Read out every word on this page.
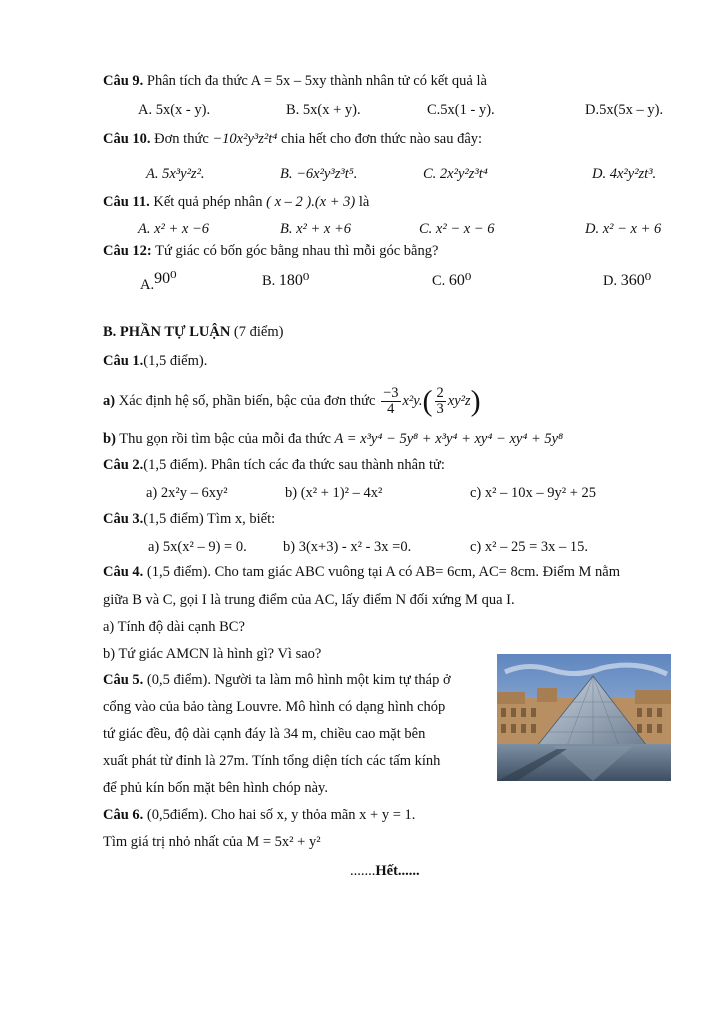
Câu 9. Phân tích đa thức A = 5x – 5xy thành nhân tử có kết quả là
A. 5x(x - y).	B. 5x(x + y).	C.5x(1 - y).	D.5x(5x – y).
Câu 10. Đơn thức −10x²y³z²t⁴ chia hết cho đơn thức nào sau đây:
A. 5x³y²z².	B. −6x²y³z³t⁵.	C. 2x²y²z³t⁴	D. 4x²y²zt³.
Câu 11. Kết quả phép nhân ( x – 2 ).(x + 3) là
A. x² + x −6	B. x² + x +6	C. x² − x − 6	D. x² − x + 6
Câu 12: Tứ giác có bốn góc bằng nhau thì mỗi góc bằng?
A.90⁰	B. 180⁰	C. 60⁰	D. 360⁰
B. PHẦN TỰ LUẬN (7 điểm)
Câu 1.(1,5 điểm).
a) Xác định hệ số, phần biến, bậc của đơn thức $\frac{-3}{4} x^2y.( \frac{2}{3} xy^2z)$
b) Thu gọn rồi tìm bậc của mỗi đa thức A = x³y⁴ − 5y⁸ + x³y⁴ + xy⁴ − xy⁴ + 5y⁸
Câu 2.(1,5 điểm). Phân tích các đa thức sau thành nhân tử:
a) 2x²y – 6xy²	b) (x² + 1)² – 4x²	c) x² – 10x – 9y² + 25
Câu 3.(1,5 điểm) Tìm x, biết:
a) 5x(x² – 9) = 0.	b) 3(x+3) - x² - 3x =0.	c) x² – 25 = 3x – 15.
Câu 4. (1,5 điểm). Cho tam giác ABC vuông tại A có AB= 6cm, AC= 8cm. Điểm M nằm
giữa B và C, gọi I là trung điểm của AC, lấy điểm N đối xứng M qua I.
a) Tính độ dài cạnh BC?
b) Tứ giác AMCN là hình gì? Vì sao?
Câu 5. (0,5 điểm). Người ta làm mô hình một kim tự tháp ở
cổng vào của bảo tàng Louvre. Mô hình có dạng hình chóp
tứ giác đều, độ dài cạnh đáy là 34 m, chiều cao mặt bên
xuất phát từ đỉnh là 27m. Tính tổng diện tích các tấm kính
để phủ kín bốn mặt bên hình chóp này.
Câu 6. (0,5điểm). Cho hai số x, y thỏa mãn x + y = 1.
Tìm giá trị nhỏ nhất của M = 5x² + y²
.......Hết......
